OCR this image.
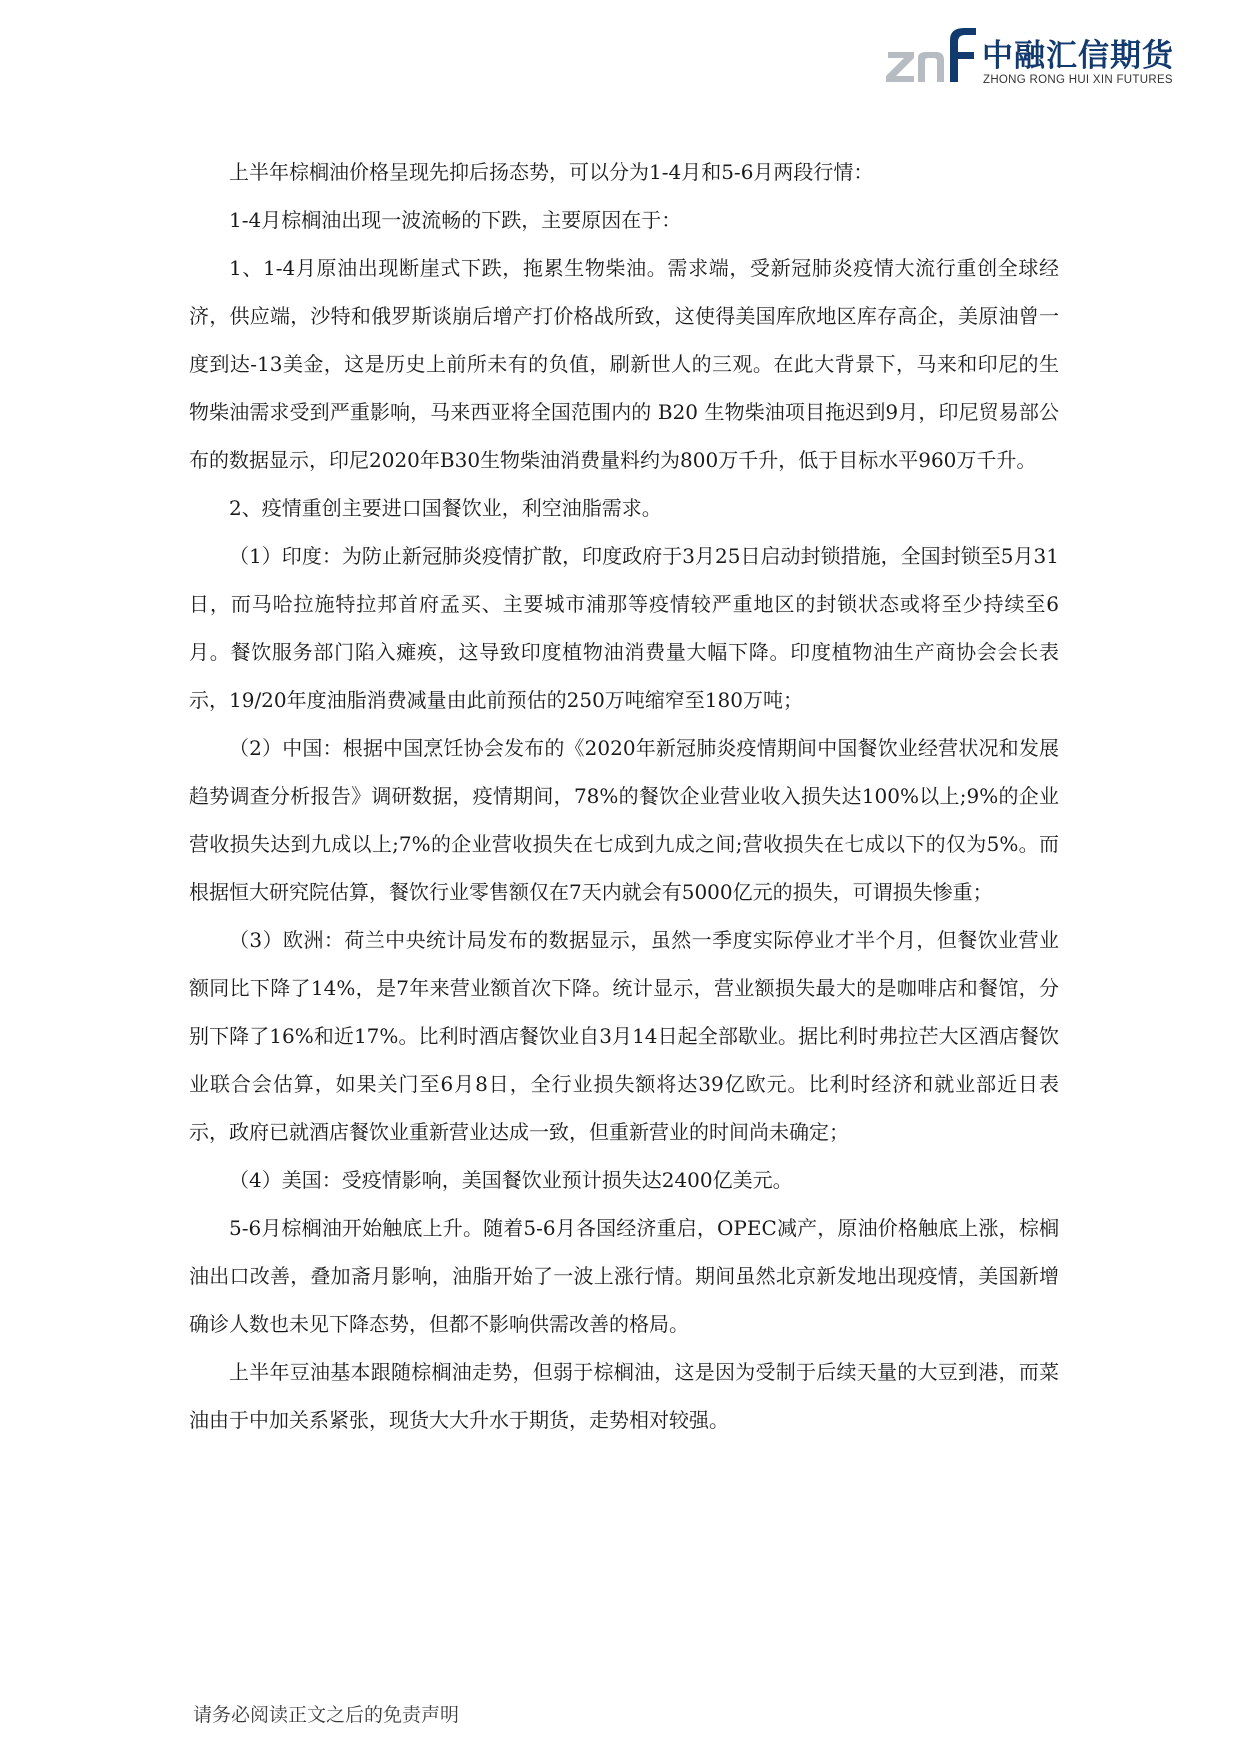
中融汇信期货
ZHONG RONG HUI XIN FUTURES

上半年棕榈油价格呈现先抑后扬态势，可以分为1-4月和5-6月两段行情：

1-4月棕榈油出现一波流畅的下跌，主要原因在于：

1、1-4月原油出现断崖式下跌，拖累生物柴油。需求端，受新冠肺炎疫情大流行重创全球经济，供应端，沙特和俄罗斯谈崩后增产打价格战所致，这使得美国库欣地区库存高企，美原油曾一度到达-13美金，这是历史上前所未有的负值，刷新世人的三观。在此大背景下，马来和印尼的生物柴油需求受到严重影响，马来西亚将全国范围内的 B20 生物柴油项目拖迟到9月，印尼贸易部公布的数据显示，印尼2020年B30生物柴油消费量料约为800万千升，低于目标水平960万千升。

2、疫情重创主要进口国餐饮业，利空油脂需求。

（1）印度：为防止新冠肺炎疫情扩散，印度政府于3月25日启动封锁措施，全国封锁至5月31日，而马哈拉施特拉邦首府孟买、主要城市浦那等疫情较严重地区的封锁状态或将至少持续至6月。餐饮服务部门陷入瘫痪，这导致印度植物油消费量大幅下降。印度植物油生产商协会会长表示，19/20年度油脂消费减量由此前预估的250万吨缩窄至180万吨；

（2）中国：根据中国烹饪协会发布的《2020年新冠肺炎疫情期间中国餐饮业经营状况和发展趋势调查分析报告》调研数据，疫情期间，78%的餐饮企业营业收入损失达100%以上;9%的企业营收损失达到九成以上;7%的企业营收损失在七成到九成之间;营收损失在七成以下的仅为5%。而根据恒大研究院估算，餐饮行业零售额仅在7天内就会有5000亿元的损失，可谓损失惨重；

（3）欧洲：荷兰中央统计局发布的数据显示，虽然一季度实际停业才半个月，但餐饮业营业额同比下降了14%，是7年来营业额首次下降。统计显示，营业额损失最大的是咖啡店和餐馆，分别下降了16%和近17%。比利时酒店餐饮业自3月14日起全部歇业。据比利时弗拉芒大区酒店餐饮业联合会估算，如果关门至6月8日，全行业损失额将达39亿欧元。比利时经济和就业部近日表示，政府已就酒店餐饮业重新营业达成一致，但重新营业的时间尚未确定；

（4）美国：受疫情影响，美国餐饮业预计损失达2400亿美元。

5-6月棕榈油开始触底上升。随着5-6月各国经济重启，OPEC减产，原油价格触底上涨，棕榈油出口改善，叠加斋月影响，油脂开始了一波上涨行情。期间虽然北京新发地出现疫情，美国新增确诊人数也未见下降态势，但都不影响供需改善的格局。

上半年豆油基本跟随棕榈油走势，但弱于棕榈油，这是因为受制于后续天量的大豆到港，而菜油由于中加关系紧张，现货大大升水于期货，走势相对较强。

请务必阅读正文之后的免责声明
